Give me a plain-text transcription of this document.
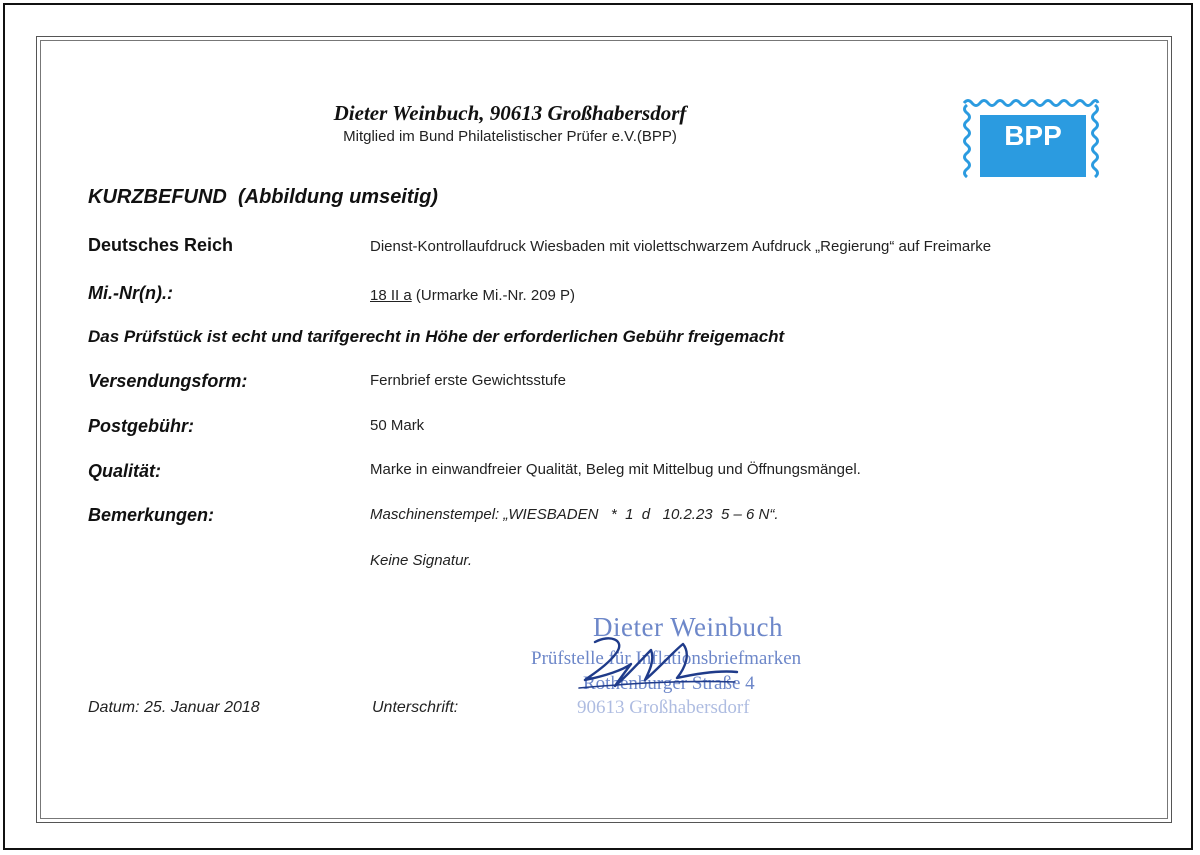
Dieter Weinbuch, 90613 Großhabersdorf
Mitglied im Bund Philatelistischer Prüfer e.V.(BPP)	BPP
KURZBEFUND  (Abbildung umseitig)
Deutsches Reich	Dienst-Kontrollaufdruck Wiesbaden mit violettschwarzem Aufdruck „Regierung“ auf Freimarke
Mi.-Nr(n).:	18 II a (Urmarke Mi.-Nr. 209 P)
Das Prüfstück ist echt und tarifgerecht in Höhe der erforderlichen Gebühr freigemacht
Versendungsform:	Fernbrief erste Gewichtsstufe
Postgebühr:	50 Mark
Qualität:	Marke in einwandfreier Qualität, Beleg mit Mittelbug und Öffnungsmängel.
Bemerkungen:	Maschinenstempel: „WIESBADEN   *  1  d   10.2.23  5 – 6 N“.
Keine Signatur.
Dieter Weinbuch
Prüfstelle für Inflationsbriefmarken
Rothenburger Straße 4
90613 Großhabersdorf
Datum: 25. Januar 2018	Unterschrift:
